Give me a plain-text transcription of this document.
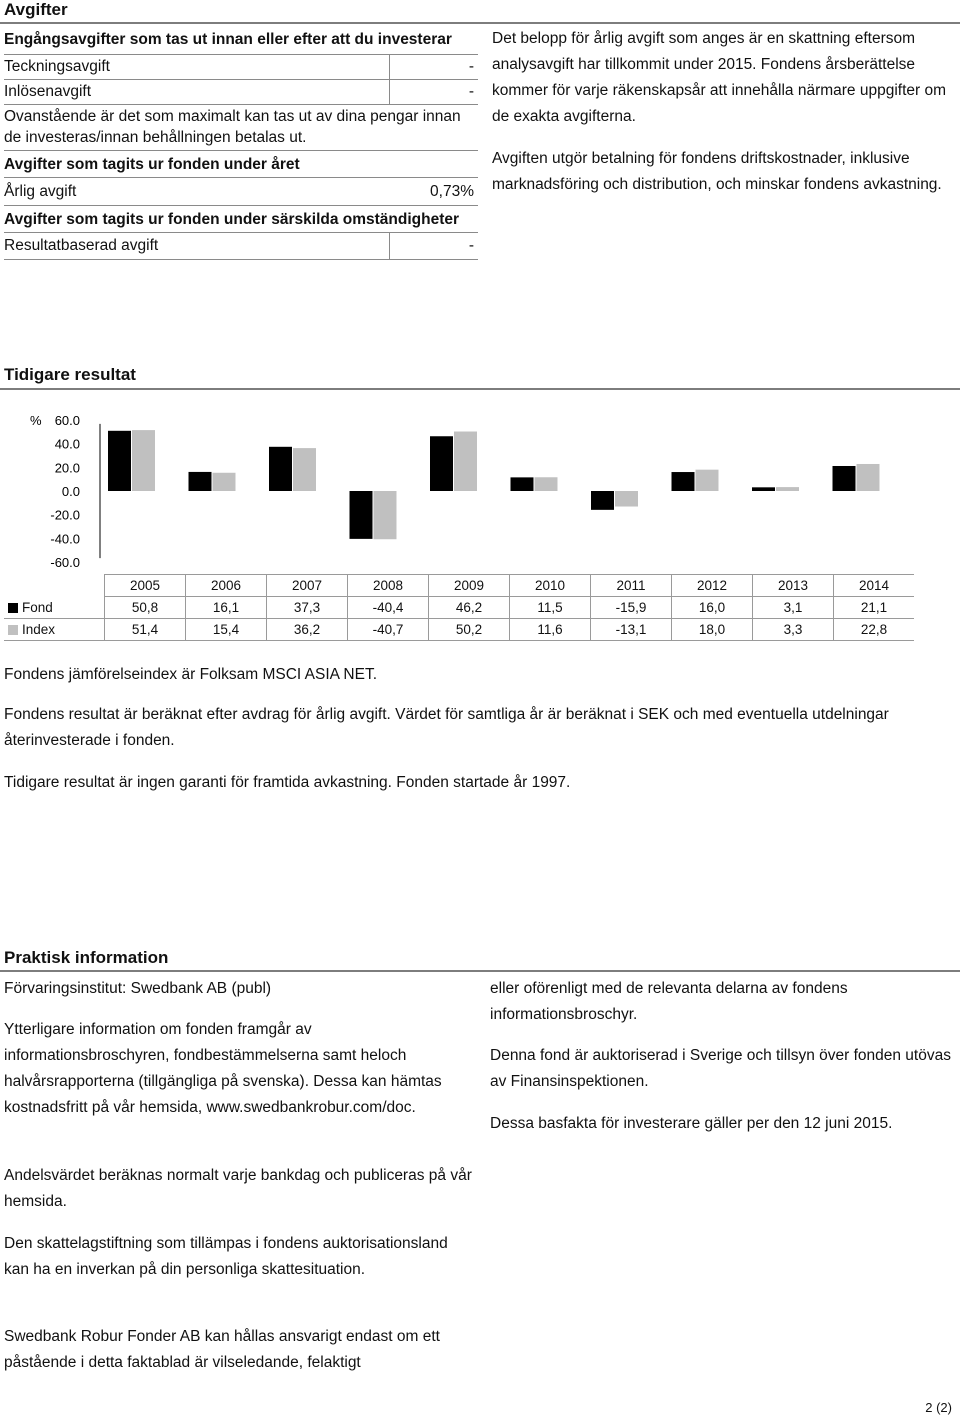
Avgifter
Engångsavgifter som tas ut innan eller efter att du investerar
Teckningsavgift	-
Inlösenavgift	-
Ovanstående är det som maximalt kan tas ut av dina pengar innan de investeras/innan behållningen betalas ut.
Avgifter som tagits ur fonden under året
Årlig avgift	0,73%
Avgifter som tagits ur fonden under särskilda omständigheter
Resultatbaserad avgift	-

Det belopp för årlig avgift som anges är en skattning eftersom analysavgift har tillkommit under 2015. Fondens årsberättelse kommer för varje räkenskapsår att innehålla närmare uppgifter om de exakta avgifterna.

Avgiften utgör betalning för fondens driftskostnader, inklusive marknadsföring och distribution, och minskar fondens avkastning.

Tidigare resultat
% 60.0
40.0
20.0
0.0
-20.0
-40.0
-60.0
	2005	2006	2007	2008	2009	2010	2011	2012	2013	2014
Fond	50,8	16,1	37,3	-40,4	46,2	11,5	-15,9	16,0	3,1	21,1
Index	51,4	15,4	36,2	-40,7	50,2	11,6	-13,1	18,0	3,3	22,8

Fondens jämförelseindex är Folksam MSCI ASIA NET.

Fondens resultat är beräknat efter avdrag för årlig avgift. Värdet för samtliga år är beräknat i SEK och med eventuella utdelningar återinvesterade i fonden.

Tidigare resultat är ingen garanti för framtida avkastning. Fonden startade år 1997.

Praktisk information

Förvaringsinstitut: Swedbank AB (publ)

Ytterligare information om fonden framgår av informationsbroschyren, fondbestämmelserna samt heloch halvårsrapporterna (tillgängliga på svenska). Dessa kan hämtas kostnadsfritt på vår hemsida, www.swedbankrobur.com/doc.

Andelsvärdet beräknas normalt varje bankdag och publiceras på vår hemsida.

Den skattelagstiftning som tillämpas i fondens auktorisationsland kan ha en inverkan på din personliga skattesituation.

Swedbank Robur Fonder AB kan hållas ansvarigt endast om ett påstående i detta faktablad är vilseledande, felaktigt

eller oförenligt med de relevanta delarna av fondens informationsbroschyr.

Denna fond är auktoriserad i Sverige och tillsyn över fonden utövas av Finansinspektionen.

Dessa basfakta för investerare gäller per den 12 juni 2015.

2 (2)
